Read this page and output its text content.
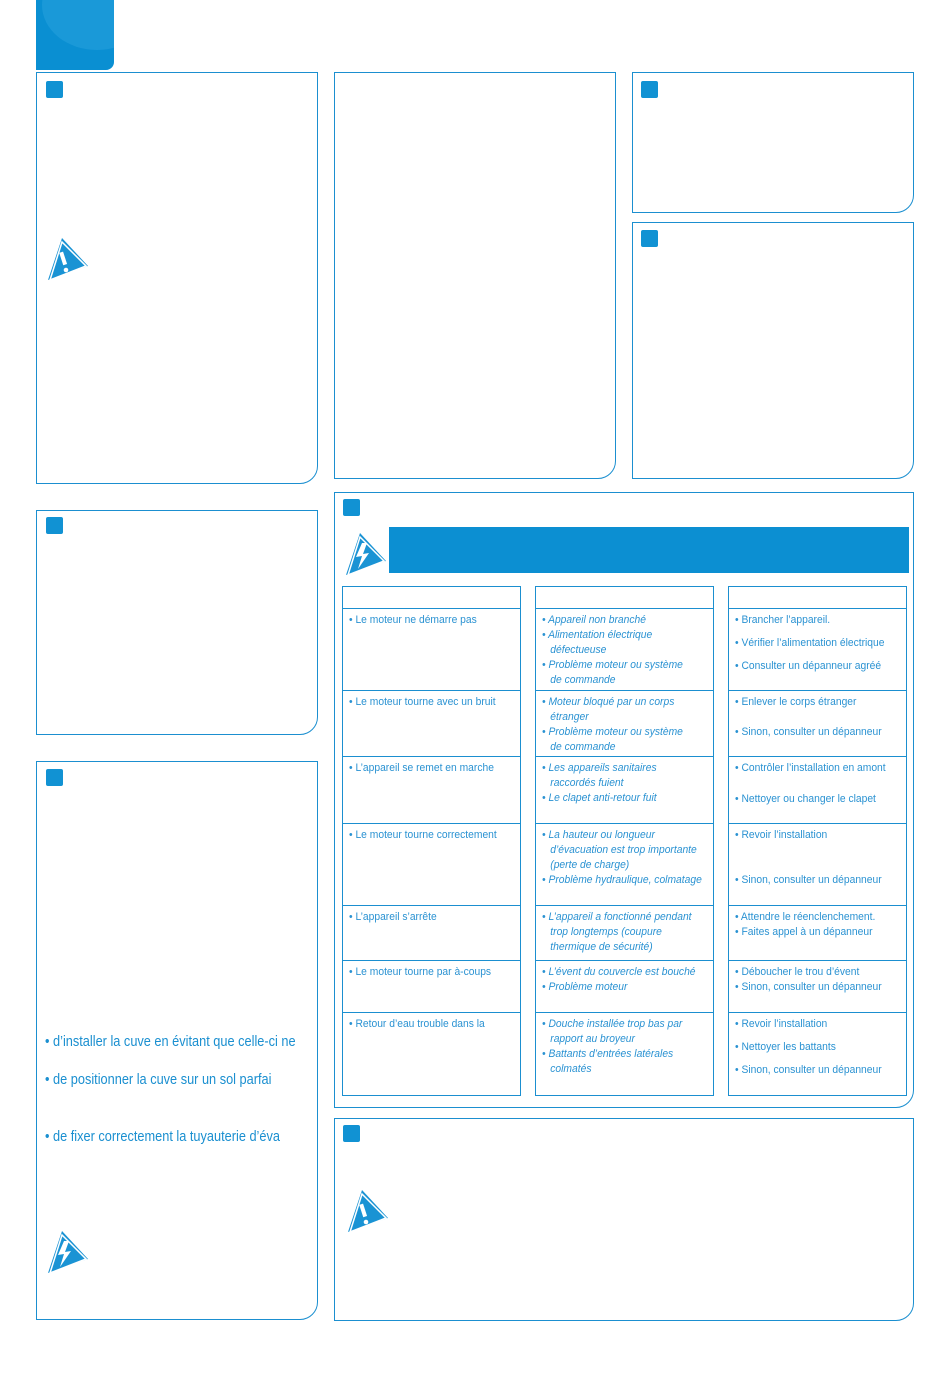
• d’installer la cuve en évitant que celle-ci ne
• de positionner la cuve sur un sol parfai
• de fixer correctement la tuyauterie d’éva
• Le moteur ne démarre pas
• Le moteur tourne avec un bruit
• L’appareil se remet en marche
• Le moteur tourne correctement
• L’appareil s’arrête
• Le moteur tourne par à-coups
• Retour d’eau trouble dans la
• Appareil non branché
• Alimentation électrique

défectueuse
• Problème moteur ou système

de commande
• Moteur bloqué par un corps

étranger
• Problème moteur ou système

de commande
• Les appareils sanitaires

raccordés fuient
• Le clapet anti-retour fuit
• La hauteur ou longueur

d’évacuation est trop importante
(perte de charge)
• Problème hydraulique, colmatage
• L’appareil a fonctionné pendant

trop longtemps (coupure
thermique de sécurité)
• L’évent du couvercle est bouché
• Problème moteur
• Douche installée trop bas par

rapport au broyeur
• Battants d’entrées latérales

colmatés
• Brancher l’appareil.
• Vérifier l’alimentation électrique
• Consulter un dépanneur agréé
• Enlever le corps étranger
• Sinon, consulter un dépanneur
• Contrôler l’installation en amont
• Nettoyer ou changer le clapet
• Revoir l’installation
• Sinon, consulter un dépanneur
• Attendre le réenclenchement.
• Faites appel à un dépanneur
• Déboucher le trou d’évent
• Sinon, consulter un dépanneur
• Revoir l’installation
• Nettoyer les battants
• Sinon, consulter un dépanneur
